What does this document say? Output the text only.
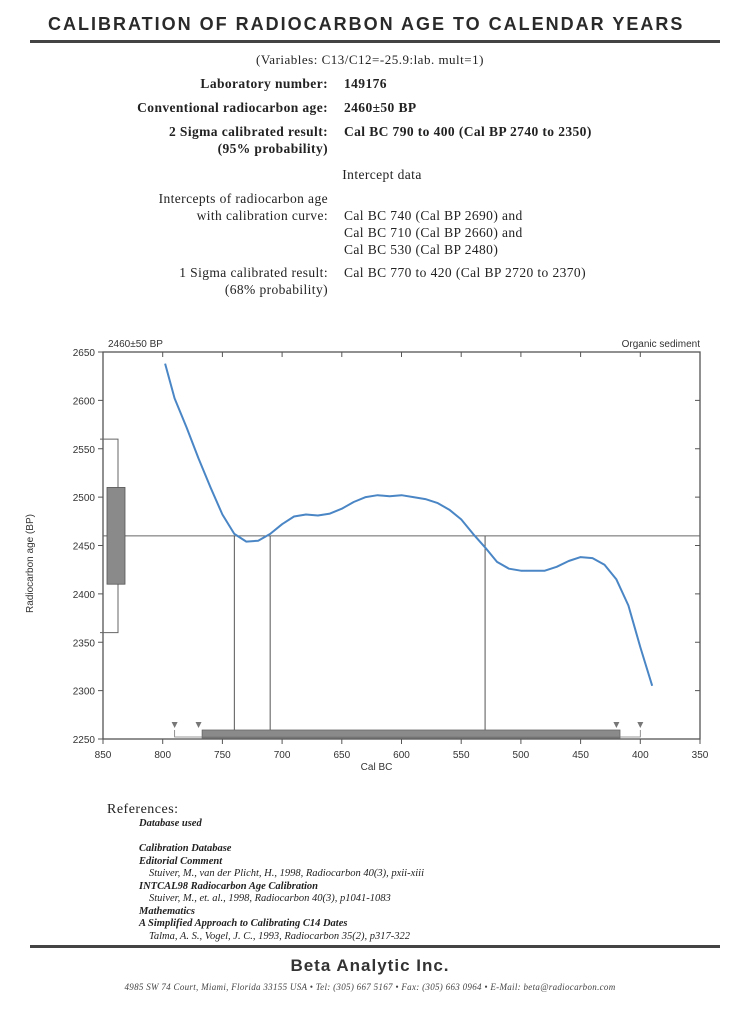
CALIBRATION OF RADIOCARBON AGE TO CALENDAR YEARS
(Variables: C13/C12=-25.9:lab. mult=1)
Laboratory number: 149176
Conventional radiocarbon age: 2460±50 BP
2 Sigma calibrated result:
(95% probability)
Cal BC 790 to 400 (Cal BP 2740 to 2350)
Intercept data
Intercepts of radiocarbon age
with calibration curve: Cal BC 740 (Cal BP 2690) and
Cal BC 710 (Cal BP 2660) and
Cal BC 530 (Cal BP 2480)
1 Sigma calibrated result:
(68% probability)
Cal BC 770 to 420 (Cal BP 2720 to 2370)
2460±50 BP	Organic sediment
850	800	750	700	650	600	550	500	450	400	350
2250
2300
2350
2400
2450
2500
2550
2600
2650
Cal BC
Radiocarbon age (BP)
References:
Database used

Calibration Database
Editorial Comment
Stuiver, M., van der Plicht, H., 1998, Radiocarbon 40(3), pxii-xiii
INTCAL98 Radiocarbon Age Calibration
Stuiver, M., et. al., 1998, Radiocarbon 40(3), p1041-1083
Mathematics
A Simplified Approach to Calibrating C14 Dates
Talma, A. S., Vogel, J. C., 1993, Radiocarbon 35(2), p317-322
Beta Analytic Inc.
4985 SW 74 Court, Miami, Florida 33155 USA • Tel: (305) 667 5167 • Fax: (305) 663 0964 • E-Mail: beta@radiocarbon.com
